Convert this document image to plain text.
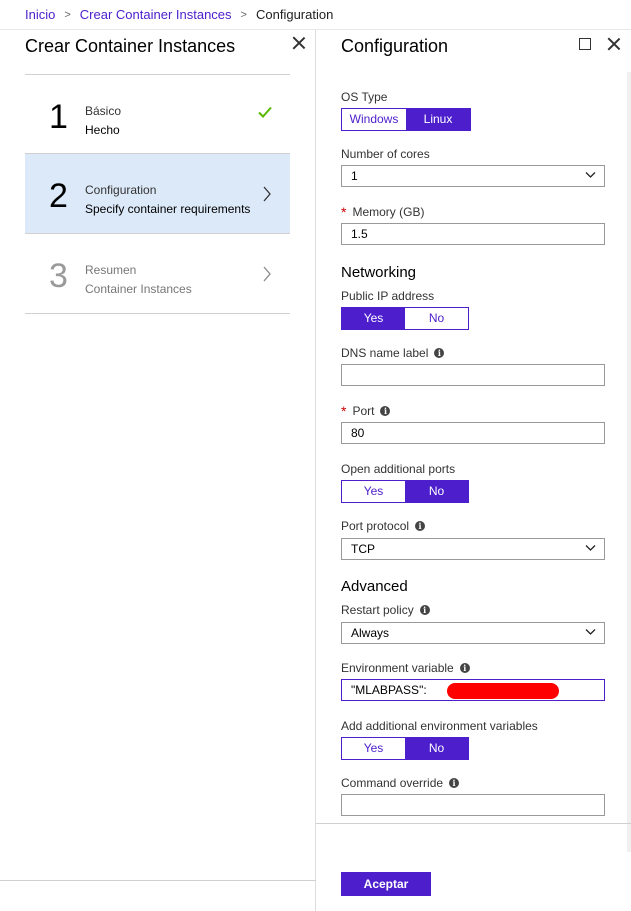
Inicio > Crear Container Instances > Configuration
Crear Container Instances
1 Básico
Hecho
2 Configuration
Specify container requirements
3 Resumen
Container Instances
Configuration
OS Type
Windows	Linux
Number of cores
1
* Memory (GB)
1.5
Networking
Public IP address
Yes	No
DNS name label	i
* Port	i
80
Open additional ports
Yes	No
Port protocol	i
TCP
Advanced
Restart policy	i
Always
Environment variable	i
"MLABPASS":
Add additional environment variables
Yes	No
Command override	i
Aceptar
